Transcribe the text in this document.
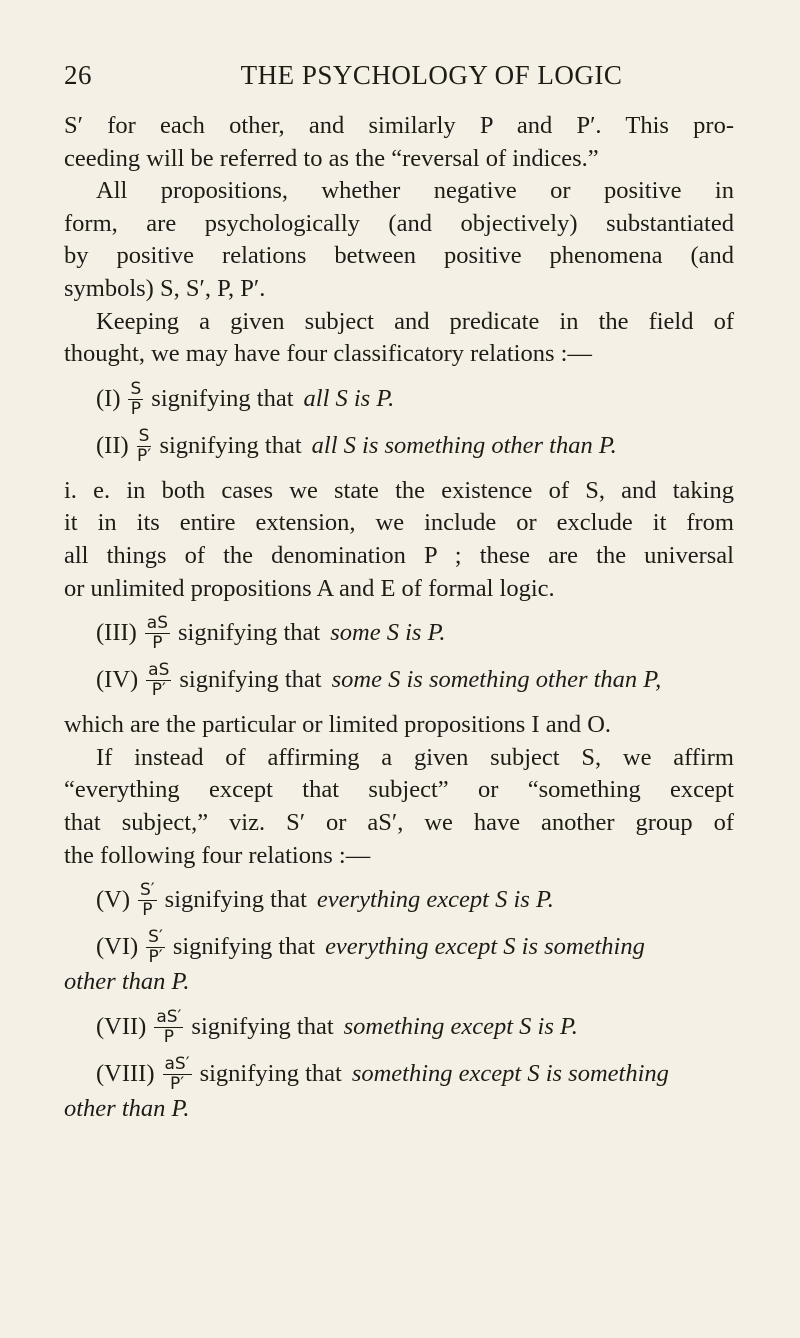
26	THE PSYCHOLOGY OF LOGIC

S′ for each other, and similarly P and P′. This pro-
ceeding will be referred to as the “reversal of indices.”

All propositions, whether negative or positive in
form, are psychologically (and objectively) substantiated
by positive relations between positive phenomena (and
symbols) S, S′, P, P′.

Keeping a given subject and predicate in the field of
thought, we may have four classificatory relations :—

$(I) \frac{S}{P}$ signifying that all S is P.
$(II) \frac{S}{P'}$ signifying that all S is something other than P.

i. e. in both cases we state the existence of S, and taking
it in its entire extension, we include or exclude it from
all things of the denomination P ; these are the universal
or unlimited propositions A and E of formal logic.

$(III) \frac{aS}{P}$ signifying that some S is P.
$(IV) \frac{aS}{P'}$ signifying that some S is something other than P,

which are the particular or limited propositions I and O.

If instead of affirming a given subject S, we affirm
“everything except that subject” or “something except
that subject,” viz. S′ or aS′, we have another group of
the following four relations :—

$(V) \frac{S'}{P}$ signifying that everything except S is P.
$(VI) \frac{S'}{P'}$ signifying that everything except S is something

other than P.

$(VII) \frac{aS'}{P}$ signifying that something except S is P.
(VIII) $\frac{aS'}{P'}$ signifying that something except S is something

other than P.
